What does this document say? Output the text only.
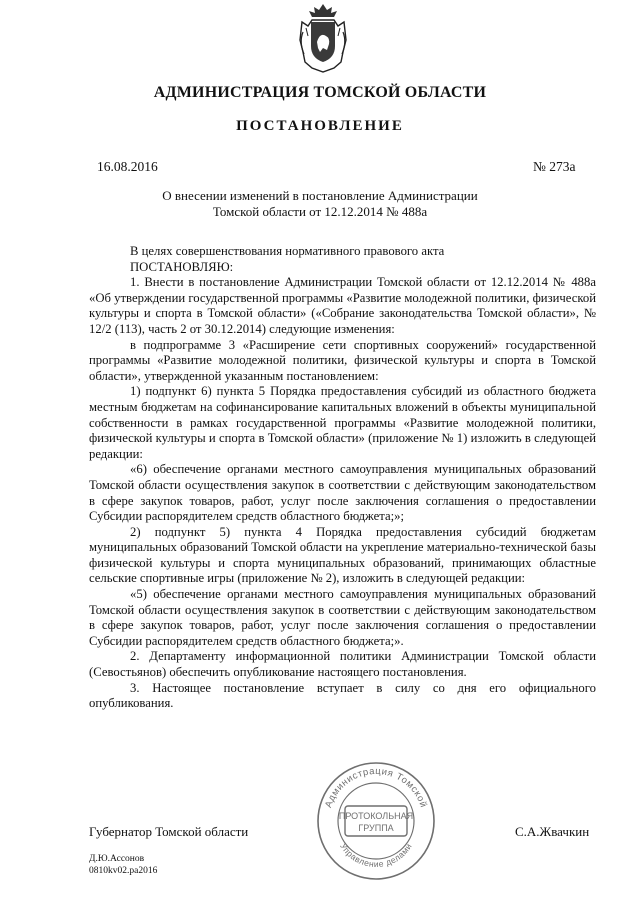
АДМИНИСТРАЦИЯ ТОМСКОЙ ОБЛАСТИ
ПОСТАНОВЛЕНИЕ
16.08.2016	№ 273а
О внесении изменений в постановление Администрации
Томской области от 12.12.2014 № 488а

В целях совершенствования нормативного правового акта

ПОСТАНОВЛЯЮ:

1. Внести в постановление Администрации Томской области от 12.12.2014 № 488а «Об утверждении государственной программы «Развитие молодежной политики, физической культуры и спорта в Томской области» («Собрание законодательства Томской области», № 12/2 (113), часть 2 от 30.12.2014) следующие изменения:

в подпрограмме 3 «Расширение сети спортивных сооружений» государственной программы «Развитие молодежной политики, физической культуры и спорта в Томской области», утвержденной указанным постановлением:

1) подпункт 6) пункта 5 Порядка предоставления субсидий из областного бюджета местным бюджетам на софинансирование капитальных вложений в объекты муниципальной собственности в рамках государственной программы «Развитие молодежной политики, физической культуры и спорта в Томской области» (приложение № 1) изложить в следующей редакции:

«6) обеспечение органами местного самоуправления муниципальных образований Томской области осуществления закупок в соответствии с действующим законодательством в сфере закупок товаров, работ, услуг после заключения соглашения о предоставлении Субсидии распорядителем средств областного бюджета;»;

2) подпункт 5) пункта 4 Порядка предоставления субсидий бюджетам муниципальных образований Томской области на укрепление материально-технической базы физической культуры и спорта муниципальных образований, принимающих областные сельские спортивные игры (приложение № 2), изложить в следующей редакции:

«5) обеспечение органами местного самоуправления муниципальных образований Томской области осуществления закупок в соответствии с действующим законодательством в сфере закупок товаров, работ, услуг после заключения соглашения о предоставлении Субсидии распорядителем средств областного бюджета;».

2. Департаменту информационной политики Администрации Томской области (Севостьянов) обеспечить опубликование настоящего постановления.

3. Настоящее постановление вступает в силу со дня его официального опубликования.

Губернатор Томской области	С.А.Жвачкин
Д.Ю.Ассонов
0810kv02.pa2016
Администрация Томской
Управление делами
ПРОТОКОЛЬНАЯ
ГРУППА
